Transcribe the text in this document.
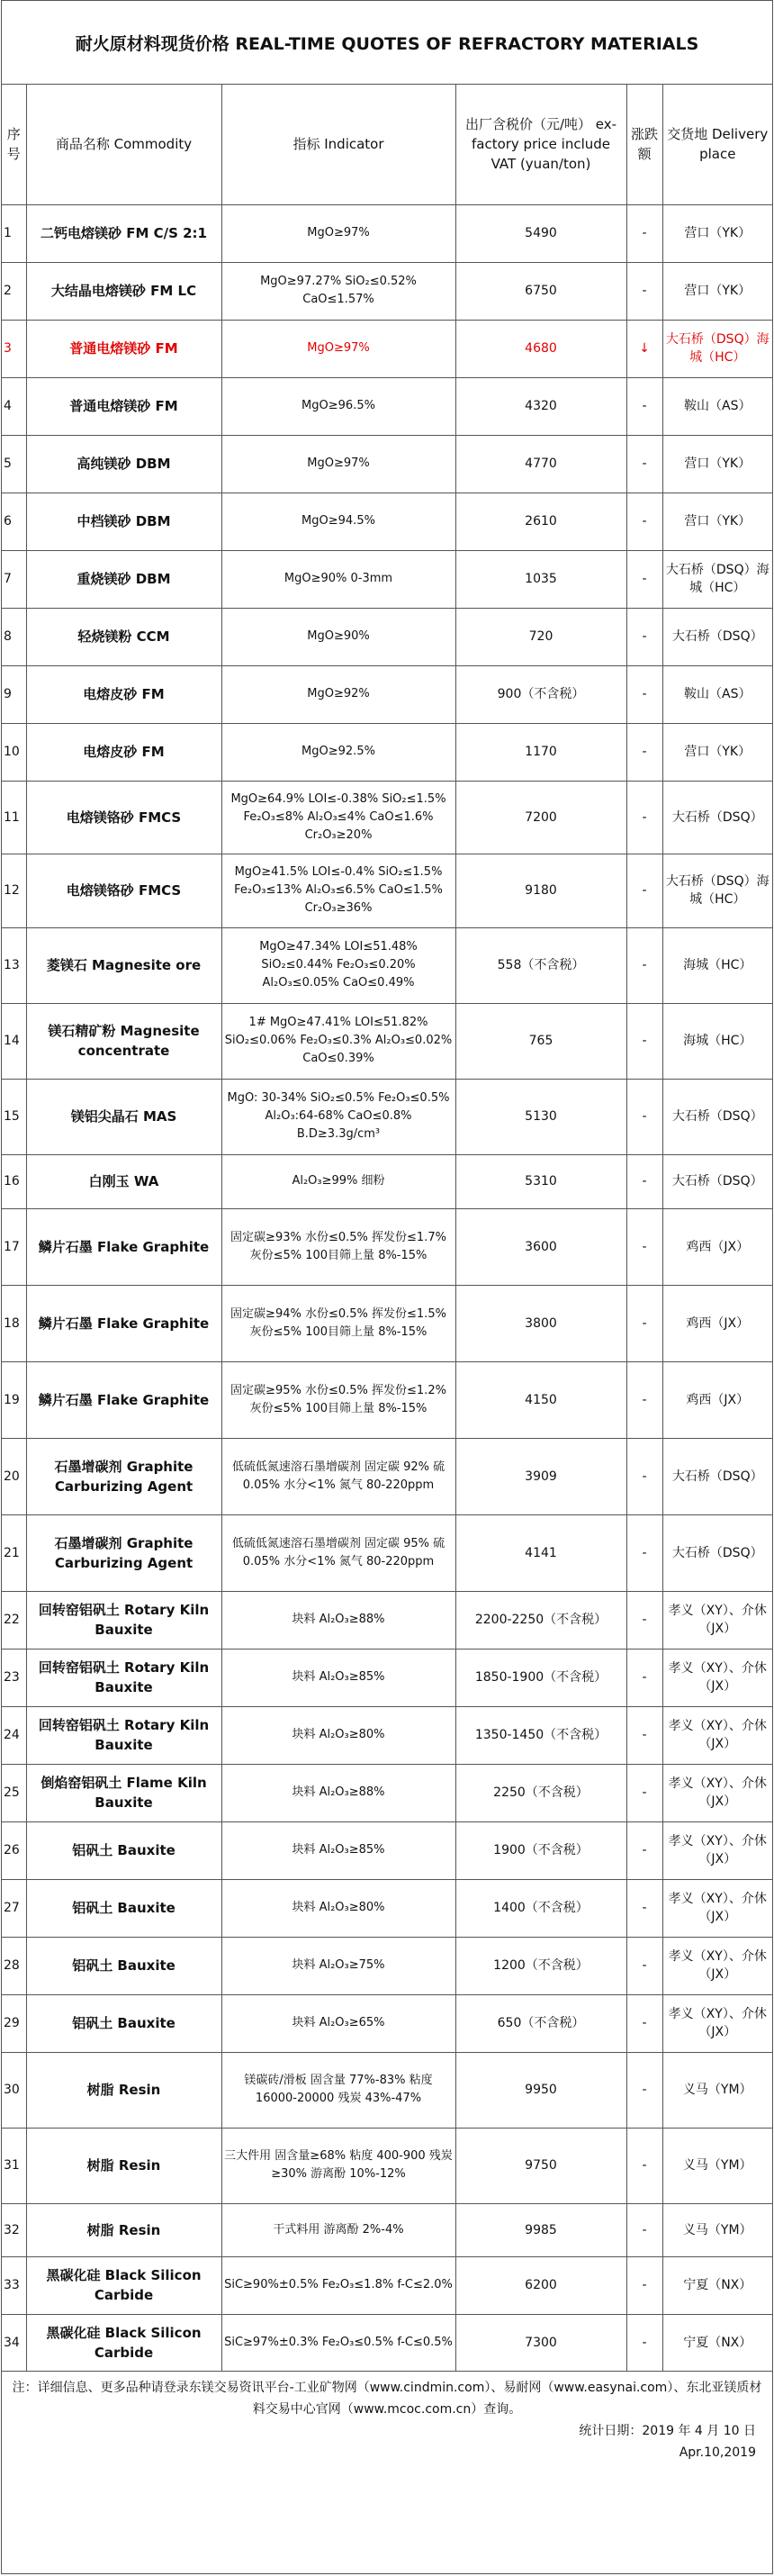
耐火原材料现货价格 REAL-TIME QUOTES OF REFRACTORY MATERIALS
序号	商品名称 Commodity	指标 Indicator	出厂含税价（元/吨） ex-factory price include VAT (yuan/ton)	涨跌额	交货地 Delivery place
1	二钙电熔镁砂 FM C/S 2:1	MgO≥97%	5490	-	营口（YK）
2	大结晶电熔镁砂 FM LC	MgO≥97.27% SiO₂≤0.52% CaO≤1.57%	6750	-	营口（YK）
3	普通电熔镁砂 FM	MgO≥97%	4680	↓	大石桥（DSQ）海城（HC）
4	普通电熔镁砂 FM	MgO≥96.5%	4320	-	鞍山（AS）
5	高纯镁砂 DBM	MgO≥97%	4770	-	营口（YK）
6	中档镁砂 DBM	MgO≥94.5%	2610	-	营口（YK）
7	重烧镁砂 DBM	MgO≥90% 0-3mm	1035	-	大石桥（DSQ）海城（HC）
8	轻烧镁粉 CCM	MgO≥90%	720	-	大石桥（DSQ）
9	电熔皮砂 FM	MgO≥92%	900（不含税）	-	鞍山（AS）
10	电熔皮砂 FM	MgO≥92.5%	1170	-	营口（YK）
11	电熔镁铬砂 FMCS	MgO≥64.9% LOI≤-0.38% SiO₂≤1.5% Fe₂O₃≤8% Al₂O₃≤4% CaO≤1.6% Cr₂O₃≥20%	7200	-	大石桥（DSQ）
12	电熔镁铬砂 FMCS	MgO≥41.5% LOI≤-0.4% SiO₂≤1.5% Fe₂O₃≤13% Al₂O₃≤6.5% CaO≤1.5% Cr₂O₃≥36%	9180	-	大石桥（DSQ）海城（HC）
13	菱镁石 Magnesite ore	MgO≥47.34% LOI≤51.48% SiO₂≤0.44% Fe₂O₃≤0.20% Al₂O₃≤0.05% CaO≤0.49%	558（不含税）	-	海城（HC）
14	镁石精矿粉 Magnesite concentrate	1# MgO≥47.41% LOI≤51.82% SiO₂≤0.06% Fe₂O₃≤0.3% Al₂O₃≤0.02% CaO≤0.39%	765	-	海城（HC）
15	镁铝尖晶石 MAS	MgO: 30-34% SiO₂≤0.5% Fe₂O₃≤0.5% Al₂O₃:64-68% CaO≤0.8% B.D≥3.3g/cm³	5130	-	大石桥（DSQ）
16	白刚玉 WA	Al₂O₃≥99% 细粉	5310	-	大石桥（DSQ）
17	鳞片石墨 Flake Graphite	固定碳≥93% 水份≤0.5% 挥发份≤1.7% 灰份≤5% 100目筛上量 8%-15%	3600	-	鸡西（JX）
18	鳞片石墨 Flake Graphite	固定碳≥94% 水份≤0.5% 挥发份≤1.5% 灰份≤5% 100目筛上量 8%-15%	3800	-	鸡西（JX）
19	鳞片石墨 Flake Graphite	固定碳≥95% 水份≤0.5% 挥发份≤1.2% 灰份≤5% 100目筛上量 8%-15%	4150	-	鸡西（JX）
20	石墨增碳剂 Graphite Carburizing Agent	低硫低氮速溶石墨增碳剂 固定碳 92% 硫 0.05% 水分<1% 氮气 80-220ppm	3909	-	大石桥（DSQ）
21	石墨增碳剂 Graphite Carburizing Agent	低硫低氮速溶石墨增碳剂 固定碳 95% 硫 0.05% 水分<1% 氮气 80-220ppm	4141	-	大石桥（DSQ）
22	回转窑铝矾土 Rotary Kiln Bauxite	块料 Al₂O₃≥88%	2200-2250（不含税）	-	孝义（XY）、介休（JX）
23	回转窑铝矾土 Rotary Kiln Bauxite	块料 Al₂O₃≥85%	1850-1900（不含税）	-	孝义（XY）、介休（JX）
24	回转窑铝矾土 Rotary Kiln Bauxite	块料 Al₂O₃≥80%	1350-1450（不含税）	-	孝义（XY）、介休（JX）
25	倒焰窑铝矾土 Flame Kiln Bauxite	块料 Al₂O₃≥88%	2250（不含税）	-	孝义（XY）、介休（JX）
26	铝矾土 Bauxite	块料 Al₂O₃≥85%	1900（不含税）	-	孝义（XY）、介休（JX）
27	铝矾土 Bauxite	块料 Al₂O₃≥80%	1400（不含税）	-	孝义（XY）、介休（JX）
28	铝矾土 Bauxite	块料 Al₂O₃≥75%	1200（不含税）	-	孝义（XY）、介休（JX）
29	铝矾土 Bauxite	块料 Al₂O₃≥65%	650（不含税）	-	孝义（XY）、介休（JX）
30	树脂 Resin	镁碳砖/滑板 固含量 77%-83% 粘度 16000-20000 残炭 43%-47%	9950	-	义马（YM）
31	树脂 Resin	三大件用 固含量≥68% 粘度 400-900 残炭≥30% 游离酚 10%-12%	9750	-	义马（YM）
32	树脂 Resin	干式料用 游离酚 2%-4%	9985	-	义马（YM）
33	黑碳化硅 Black Silicon Carbide	SiC≥90%±0.5% Fe₂O₃≤1.8% f-C≤2.0%	6200	-	宁夏（NX）
34	黑碳化硅 Black Silicon Carbide	SiC≥97%±0.3% Fe₂O₃≤0.5% f-C≤0.5%	7300	-	宁夏（NX）
注：详细信息、更多品种请登录东镁交易资讯平台-工业矿物网（www.cindmin.com）、易耐网（www.easynai.com）、东北亚镁质材料交易中心官网（www.mcoc.com.cn）查询。
统计日期：2019 年 4 月 10 日
Apr.10,2019
